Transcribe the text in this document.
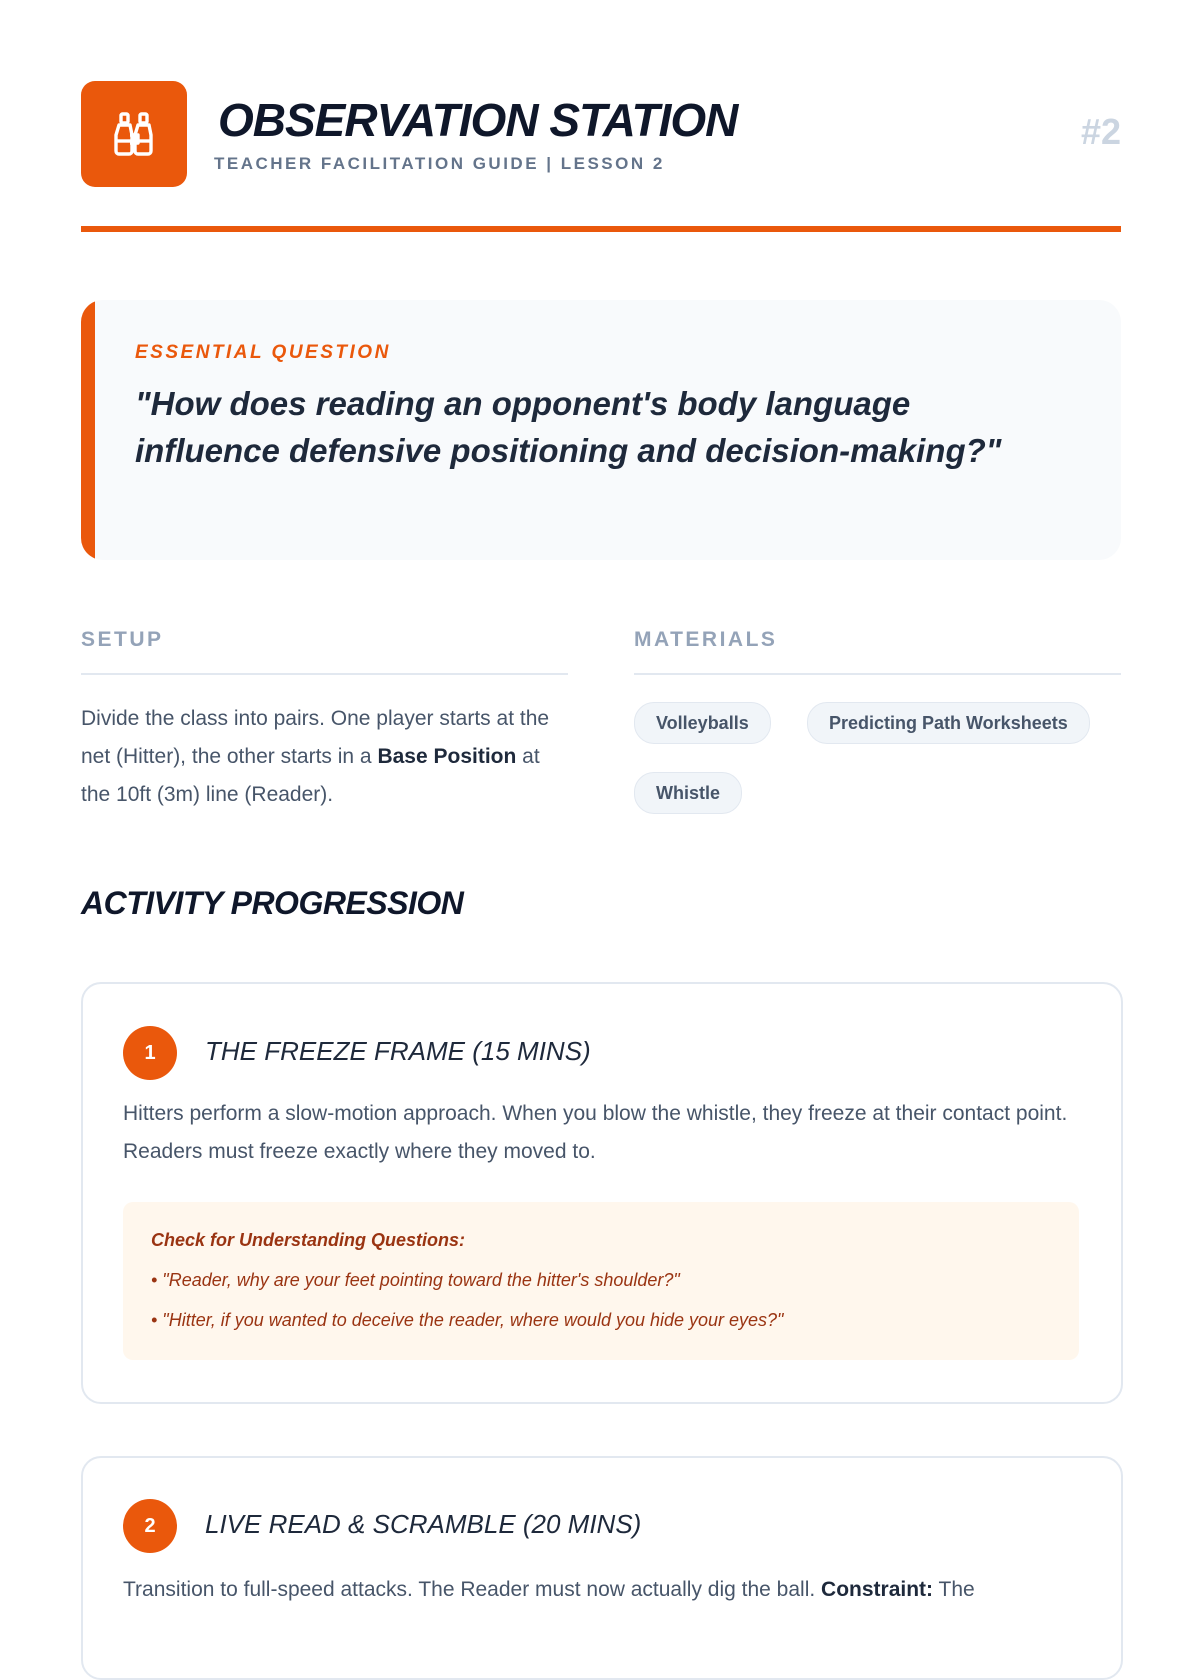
OBSERVATION STATION
TEACHER FACILITATION GUIDE | LESSON 2
#2
ESSENTIAL QUESTION
"How does reading an opponent's body language influence defensive positioning and decision-making?"
SETUP
Divide the class into pairs. One player starts at the net (Hitter), the other starts in a Base Position at the 10ft (3m) line (Reader).
MATERIALS
Volleyballs	Predicting Path Worksheets
Whistle
ACTIVITY PROGRESSION
1	THE FREEZE FRAME (15 MINS)
Hitters perform a slow-motion approach. When you blow the whistle, they freeze at their contact point. Readers must freeze exactly where they moved to.
Check for Understanding Questions:
• "Reader, why are your feet pointing toward the hitter's shoulder?"
• "Hitter, if you wanted to deceive the reader, where would you hide your eyes?"
2	LIVE READ & SCRAMBLE (20 MINS)
Transition to full-speed attacks. The Reader must now actually dig the ball. Constraint: The
